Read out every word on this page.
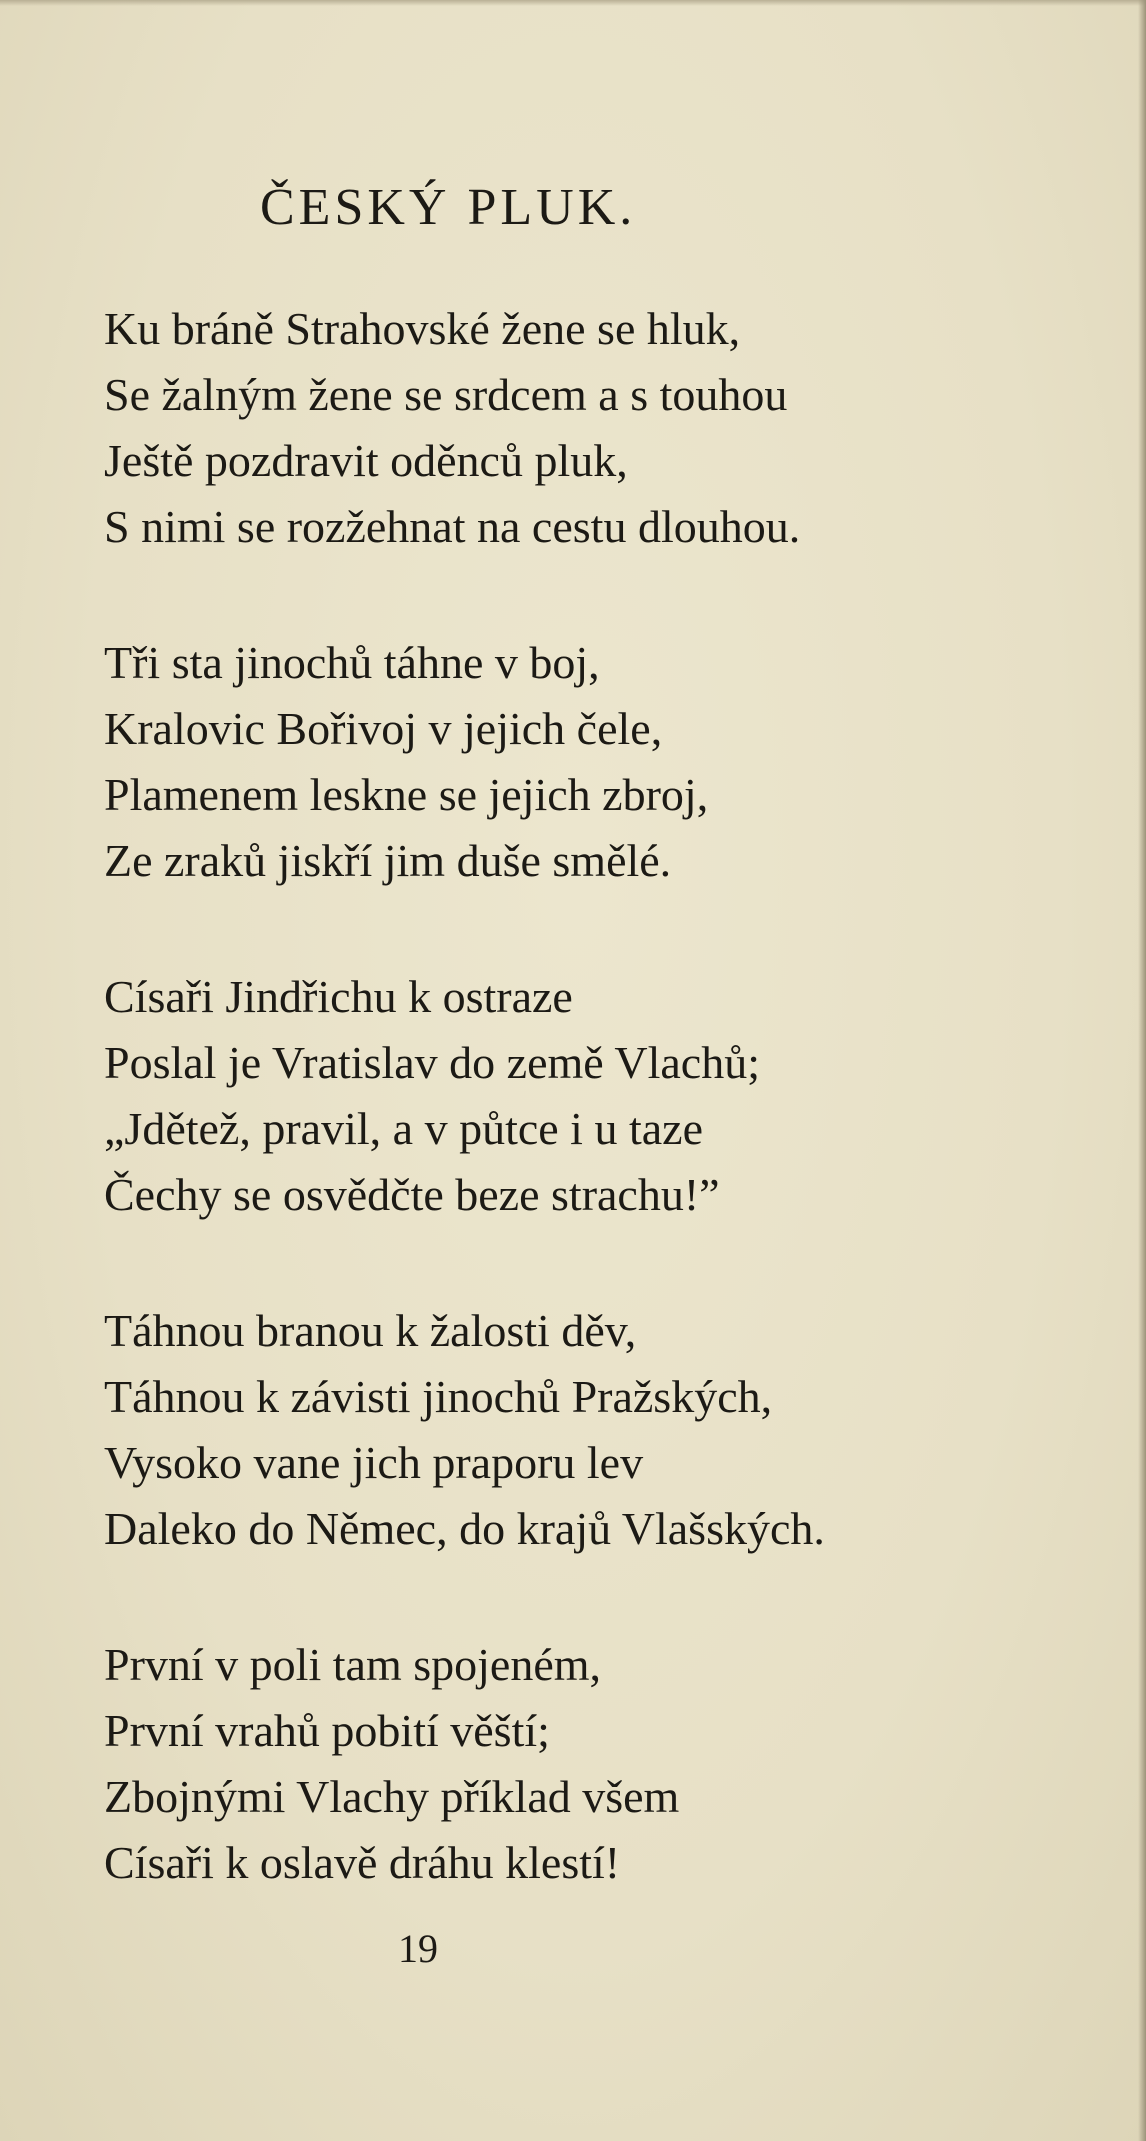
ČESKÝ PLUK.
Ku bráně Strahovské žene se hluk,
Se žalným žene se srdcem a s touhou
Ještě pozdravit oděnců pluk,
S nimi se rozžehnat na cestu dlouhou.
Tři sta jinochů táhne v boj,
Kralovic Bořivoj v jejich čele,
Plamenem leskne se jejich zbroj,
Ze zraků jiskří jim duše smělé.
Císaři Jindřichu k ostraze
Poslal je Vratislav do země Vlachů;
„Jdětež, pravil, a v půtce i u taze
Čechy se osvědčte beze strachu!”
Táhnou branou k žalosti děv,
Táhnou k závisti jinochů Pražských,
Vysoko vane jich praporu lev
Daleko do Němec, do krajů Vlašských.
První v poli tam spojeném,
První vrahů pobití věští;
Zbojnými Vlachy příklad všem
Císaři k oslavě dráhu klestí!
19
